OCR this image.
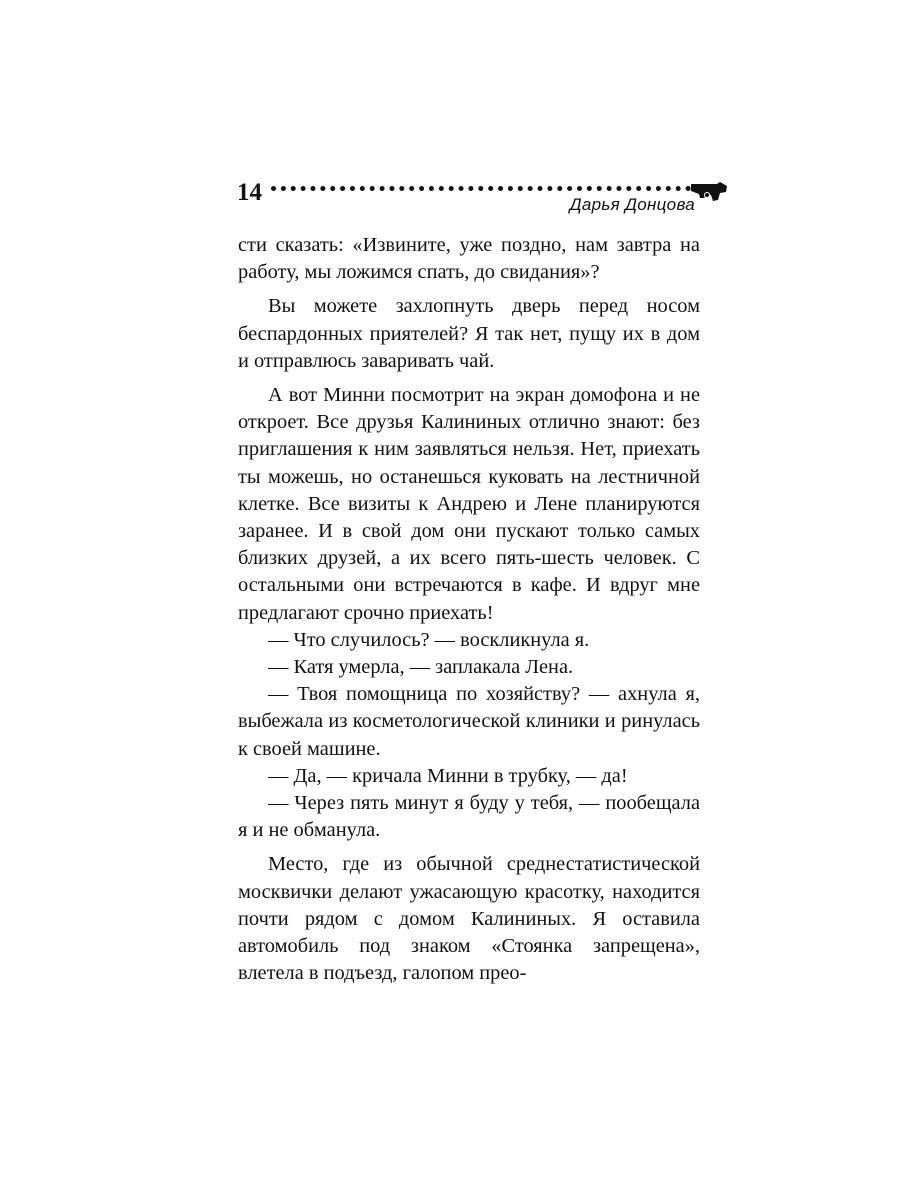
14	Дарья Донцова

сти сказать: «Извините, уже поздно, нам завтра на работу, мы ложимся спать, до свидания»?

Вы можете захлопнуть дверь перед носом беспардонных приятелей? Я так нет, пущу их в дом и отправлюсь заваривать чай.

А вот Минни посмотрит на экран домофона и не откроет. Все друзья Калининых отлично знают: без приглашения к ним заявляться нельзя. Нет, приехать ты можешь, но останешься куковать на лестничной клетке. Все визиты к Андрею и Лене планируются заранее. И в свой дом они пускают только самых близких друзей, а их всего пять-шесть человек. С остальными они встречаются в кафе. И вдруг мне предлагают срочно приехать!

— Что случилось? — воскликнула я.

— Катя умерла, — заплакала Лена.

— Твоя помощница по хозяйству? — ахнула я, выбежала из косметологической клиники и ринулась к своей машине.

— Да, — кричала Минни в трубку, — да!

— Через пять минут я буду у тебя, — пообещала я и не обманула.

Место, где из обычной среднестатистической москвички делают ужасающую красотку, находится почти рядом с домом Калининых. Я оставила автомобиль под знаком «Стоянка запрещена», влетела в подъезд, галопом прео-
